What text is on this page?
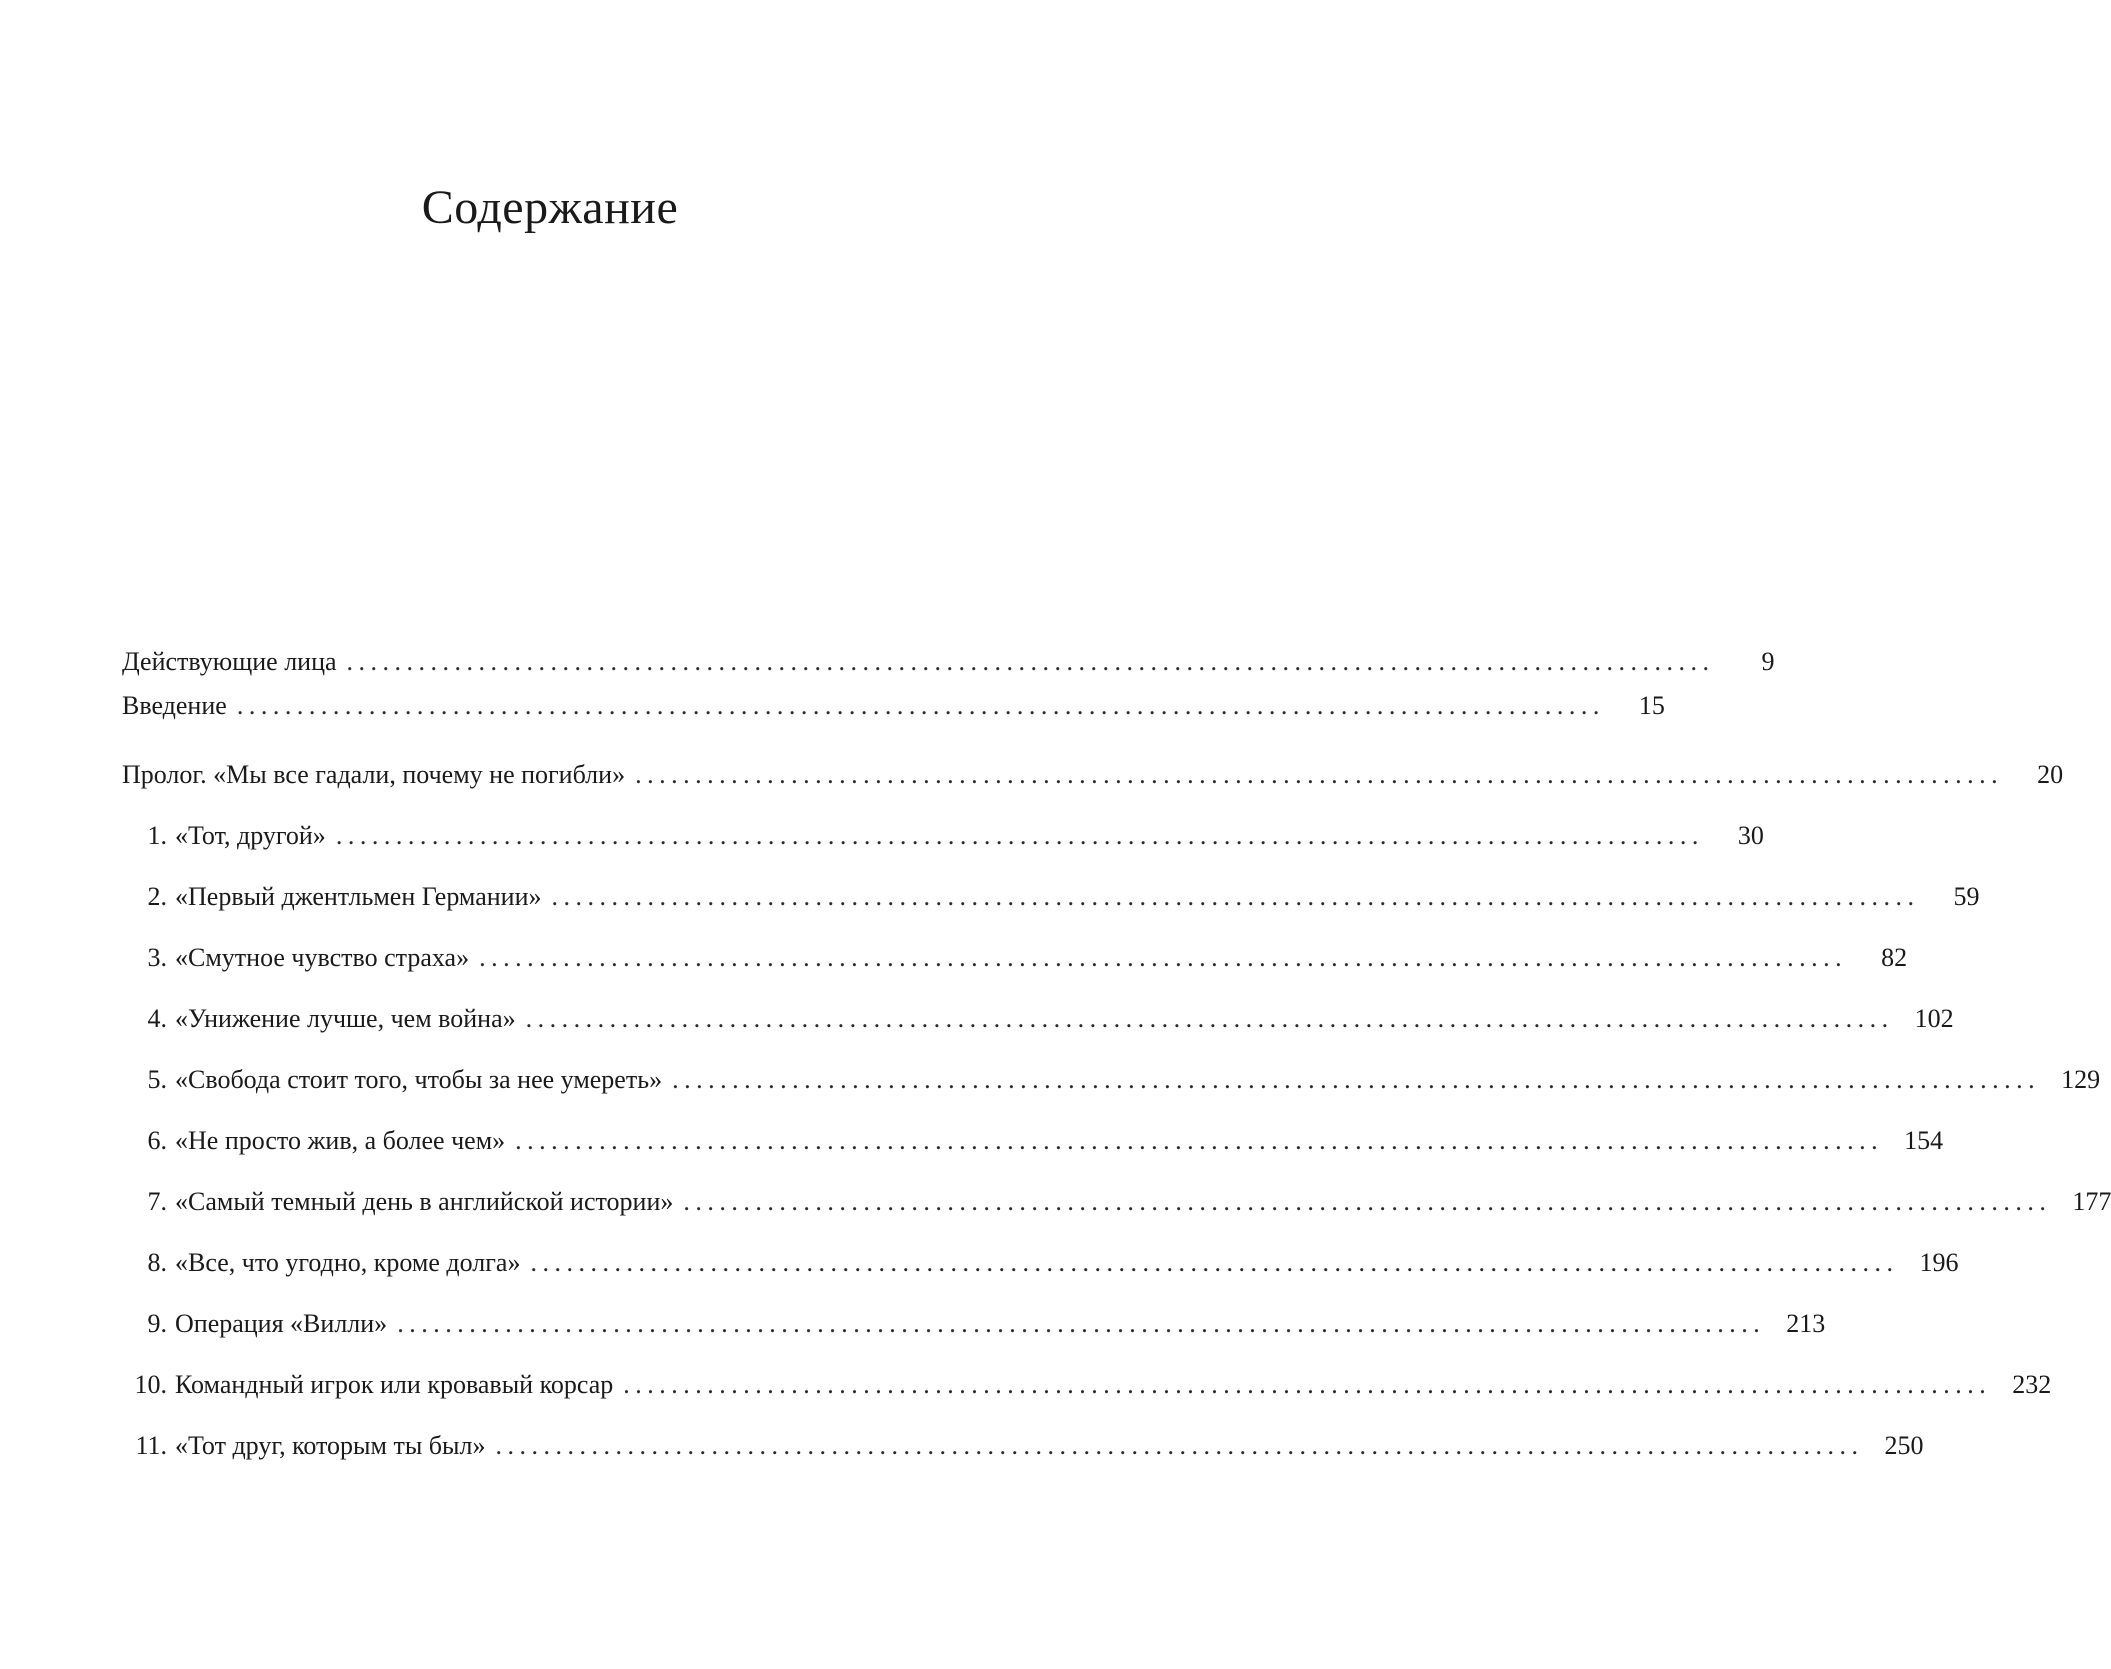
Содержание
Действующие лица ..................................................................................................................	9
Введение ..................................................................................................................	15
Пролог. «Мы все гадали, почему не погибли» ..................................................................................................................	20
1. «Тот, другой» ..................................................................................................................	30
2. «Первый джентльмен Германии» ..................................................................................................................	59
3. «Смутное чувство страха» ..................................................................................................................	82
4. «Унижение лучше, чем война» .................................................................................................................. 102
5. «Свобода стоит того, чтобы за нее умереть» .................................................................................................................. 129
6. «Не просто жив, а более чем» .................................................................................................................. 154
7. «Самый темный день в английской истории» .................................................................................................................. 177
8. «Все, что угодно, кроме долга» .................................................................................................................. 196
9. Операция «Вилли» .................................................................................................................. 213
10. Командный игрок или кровавый корсар .................................................................................................................. 232
11. «Тот друг, которым ты был» .................................................................................................................. 250
